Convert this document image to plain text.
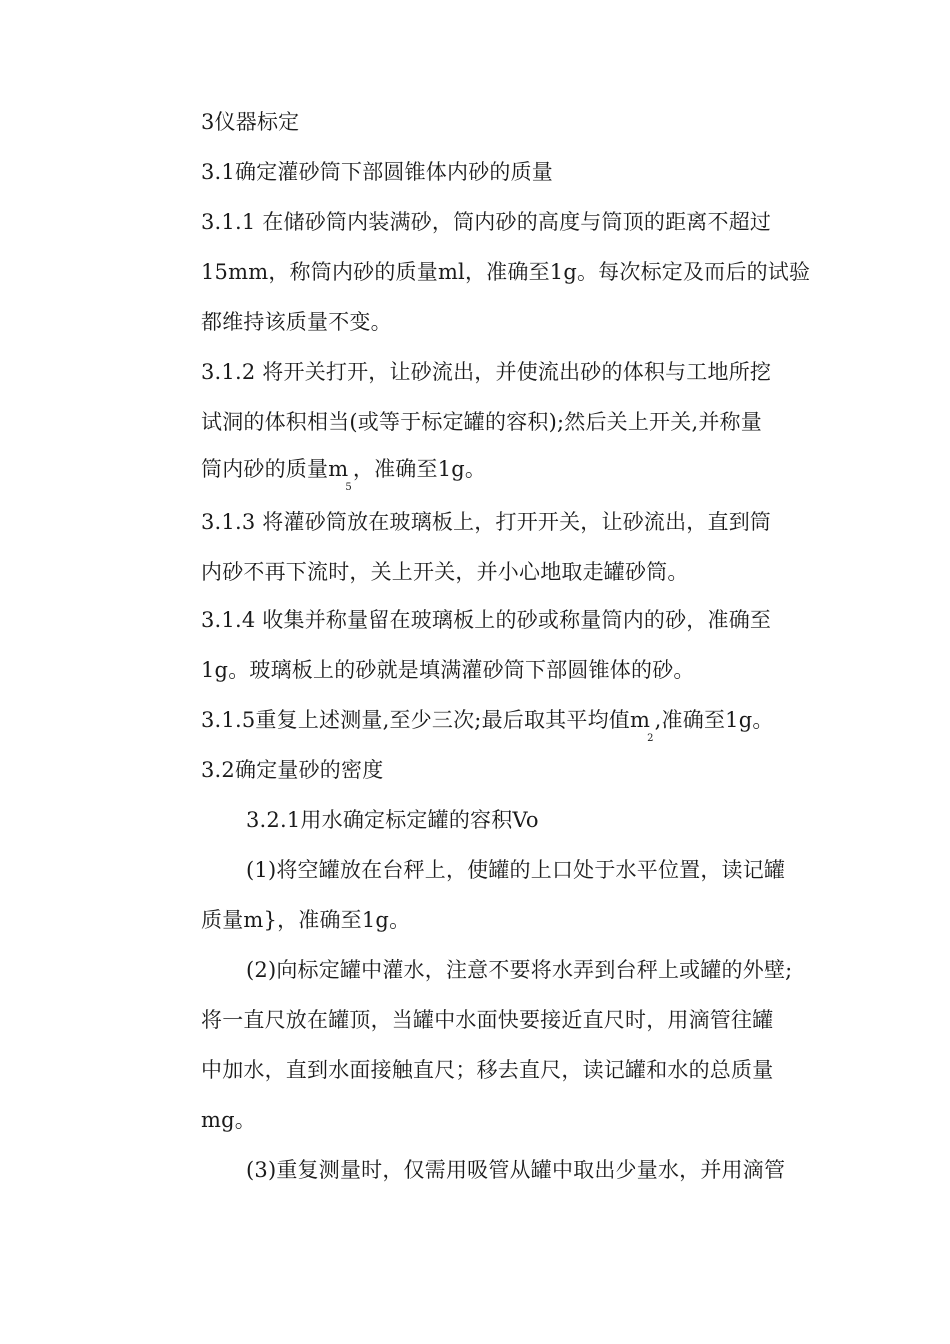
3仪器标定
3.1确定灌砂筒下部圆锥体内砂的质量
3.1.1 在储砂筒内装满砂，筒内砂的高度与筒顶的距离不超过
15mm，称筒内砂的质量ml，准确至1g。每次标定及而后的试验
都维持该质量不变。
3.1.2 将开关打开，让砂流出，并使流出砂的体积与工地所挖
试洞的体积相当(或等于标定罐的容积);然后关上开关,并称量
筒内砂的质量m5，准确至1g。
3.1.3 将灌砂筒放在玻璃板上，打开开关，让砂流出，直到筒
内砂不再下流时，关上开关，并小心地取走罐砂筒。
3.1.4 收集并称量留在玻璃板上的砂或称量筒内的砂，准确至
1g。玻璃板上的砂就是填满灌砂筒下部圆锥体的砂。
3.1.5重复上述测量,至少三次;最后取其平均值m2,准确至1g。
3.2确定量砂的密度
3.2.1用水确定标定罐的容积Vo
(1)将空罐放在台秤上，使罐的上口处于水平位置，读记罐
质量m}，准确至1g。
(2)向标定罐中灌水，注意不要将水弄到台秤上或罐的外壁;
将一直尺放在罐顶，当罐中水面快要接近直尺时，用滴管往罐
中加水，直到水面接触直尺；移去直尺，读记罐和水的总质量
mg。
(3)重复测量时，仅需用吸管从罐中取出少量水，并用滴管
